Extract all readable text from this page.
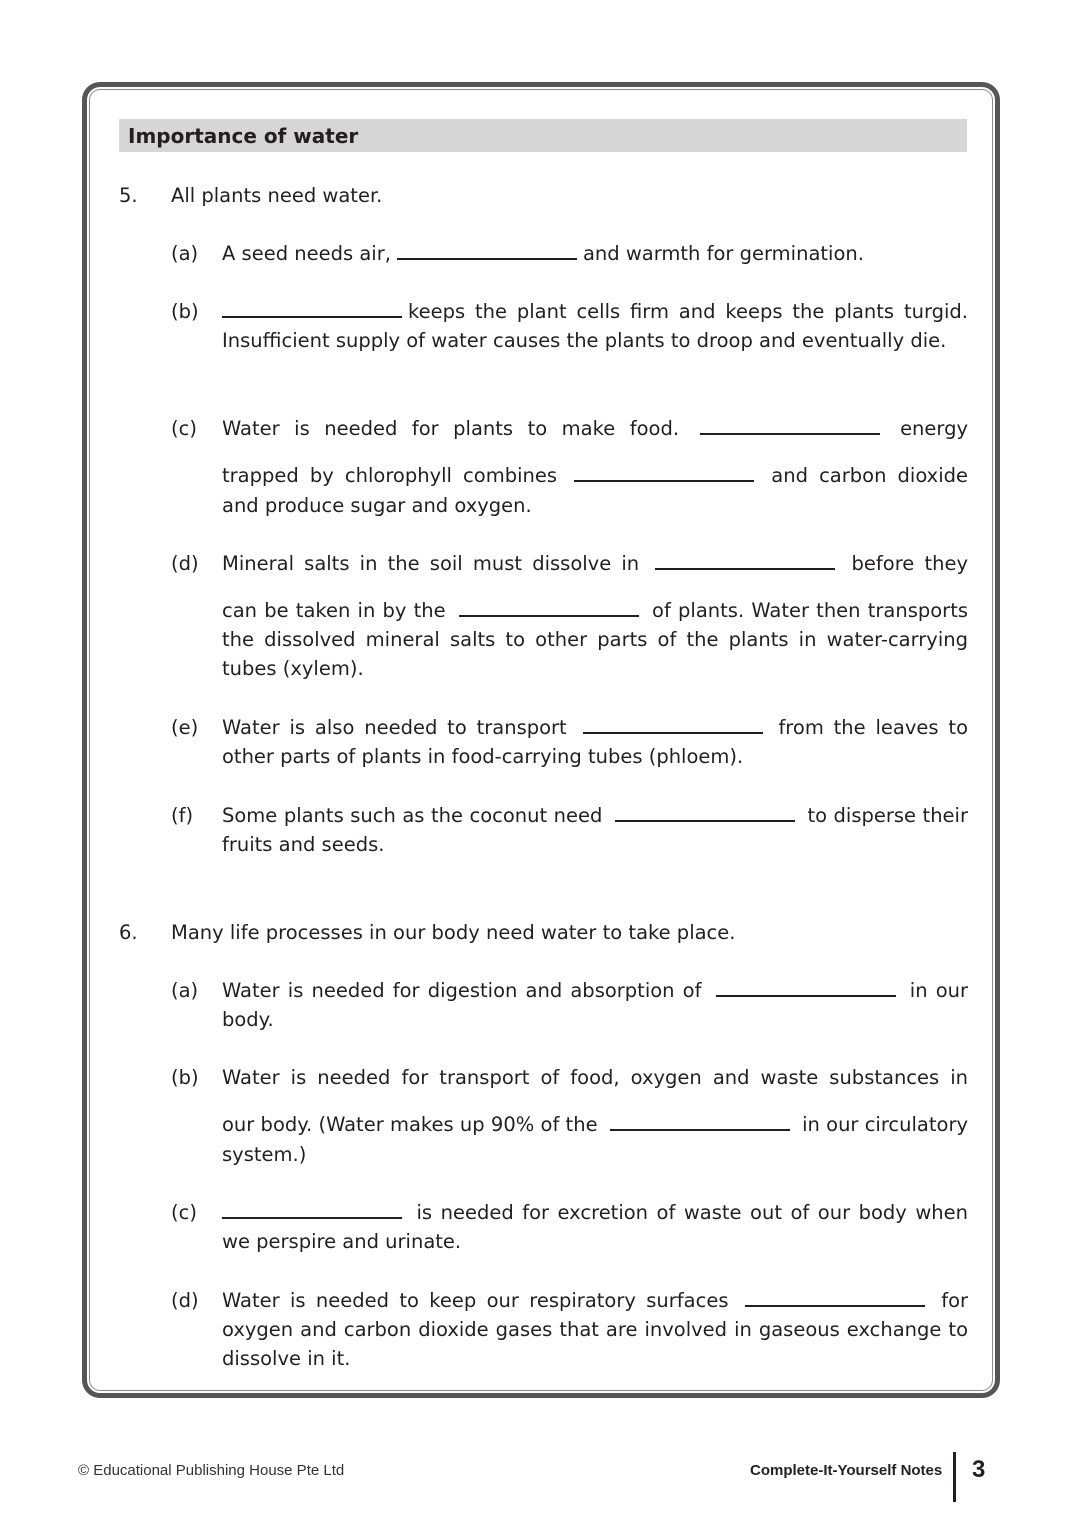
Importance of water
5. All plants need water.
(a) A seed needs air,	and warmth for germination.
(b)	keeps the plant cells firm and keeps the plants turgid. Insufficient supply of water causes the plants to droop and eventually die.
(c) Water is needed for plants to make food.	energy
trapped by chlorophyll combines	and carbon dioxide
and produce sugar and oxygen.
(d) Mineral salts in the soil must dissolve in	before they
can be taken in by the	of plants. Water then transports
the dissolved mineral salts to other parts of the plants in water-carrying tubes (xylem).
(e) Water is also needed to transport	from the leaves to
other parts of plants in food-carrying tubes (phloem).
(f) Some plants such as the coconut need	to disperse their
fruits and seeds.
6. Many life processes in our body need water to take place.
(a) Water is needed for digestion and absorption of	in our
body.
(b) Water is needed for transport of food, oxygen and waste substances in
our body. (Water makes up 90% of the	in our circulatory
system.)
(c)	is needed for excretion of waste out of our body when
we perspire and urinate.
(d) Water is needed to keep our respiratory surfaces	for
oxygen and carbon dioxide gases that are involved in gaseous exchange to dissolve in it.
© Educational Publishing House Pte Ltd	Complete-It-Yourself Notes 3
